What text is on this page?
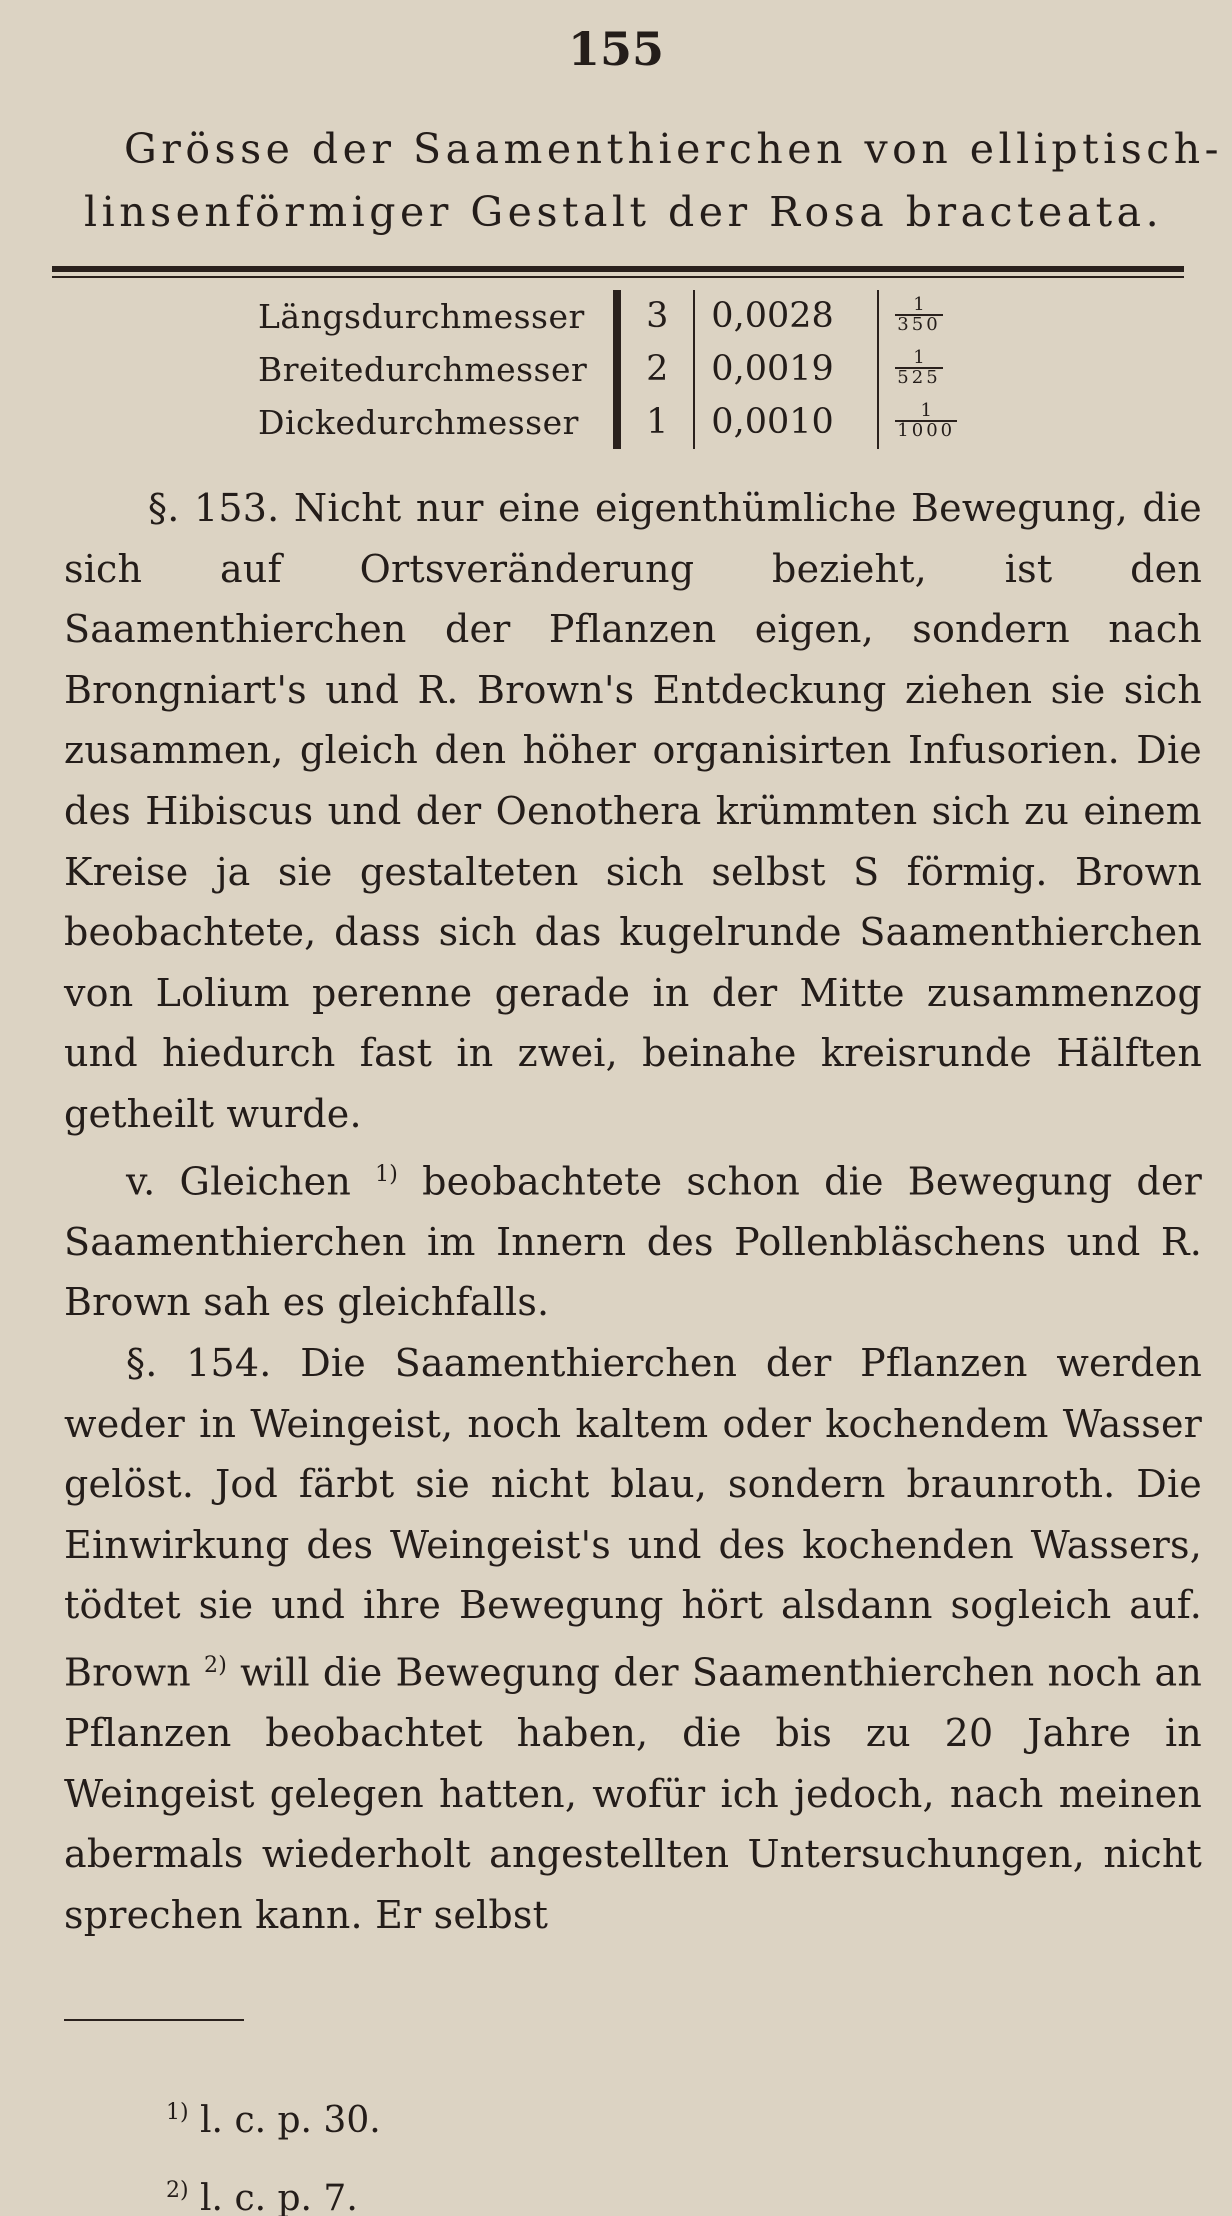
155
Grösse der Saamenthierchen von elliptisch-
linsenförmiger Gestalt der Rosa bracteata.
Längsdurchmesser	3	0,0028	$\frac{1}{350}$

Breitedurchmesser	2	0,0019	$\frac{1}{525}$

Dickedurchmesser	1	0,0010	$\frac{1}{1000}$

§. 153. Nicht nur eine eigenthümliche Bewegung, die sich auf Ortsveränderung bezieht, ist den Saamenthierchen der Pflanzen eigen, sondern nach Brongniart's und R. Brown's Entdeckung ziehen sie sich zusammen, gleich den höher organisirten Infusorien. Die des Hibiscus und der Oenothera krümmten sich zu einem Kreise ja sie gestalteten sich selbst S förmig. Brown beobachtete, dass sich das kugelrunde Saamenthierchen von Lolium perenne gerade in der Mitte zusammenzog und hiedurch fast in zwei, beinahe kreisrunde Hälften getheilt wurde.

v. Gleichen $^{1)}$ beobachtete schon die Bewegung der Saamenthierchen im Innern des Pollenbläschens und R. Brown sah es gleichfalls.

§. 154. Die Saamenthierchen der Pflanzen werden weder in Weingeist, noch kaltem oder kochendem Wasser gelöst. Jod färbt sie nicht blau, sondern braunroth. Die Einwirkung des Weingeist's und des kochenden Wassers, tödtet sie und ihre Bewegung hört alsdann sogleich auf. Brown $^{2)}$ will die Bewegung der Saamenthierchen noch an Pflanzen beobachtet haben, die bis zu 20 Jahre in Weingeist gelegen hatten, wofür ich jedoch, nach meinen abermals wiederholt angestellten Untersuchungen, nicht sprechen kann. Er selbst

$^{1)}$ l. c. p. 30.
$^{2)}$ l. c. p. 7.
